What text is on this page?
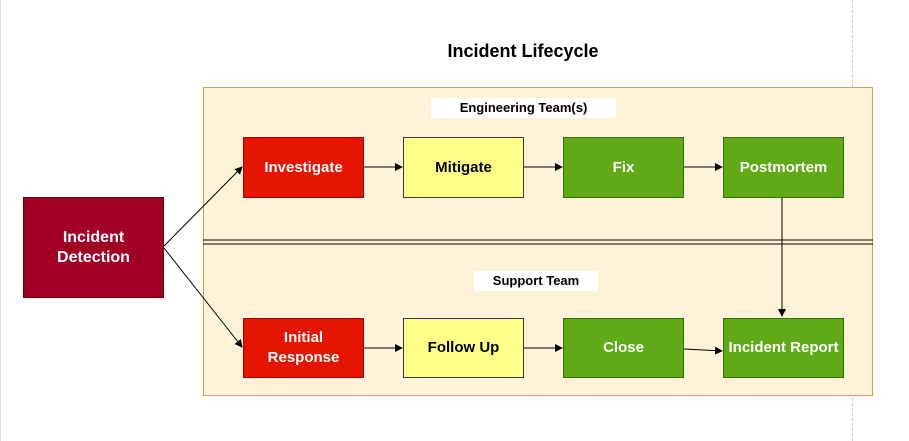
Incident Lifecycle
Engineering Team(s)
Support Team
Incident Detection
Investigate	Mitigate	Fix	Postmortem
Initial Response
Follow Up	Close	Incident Report
